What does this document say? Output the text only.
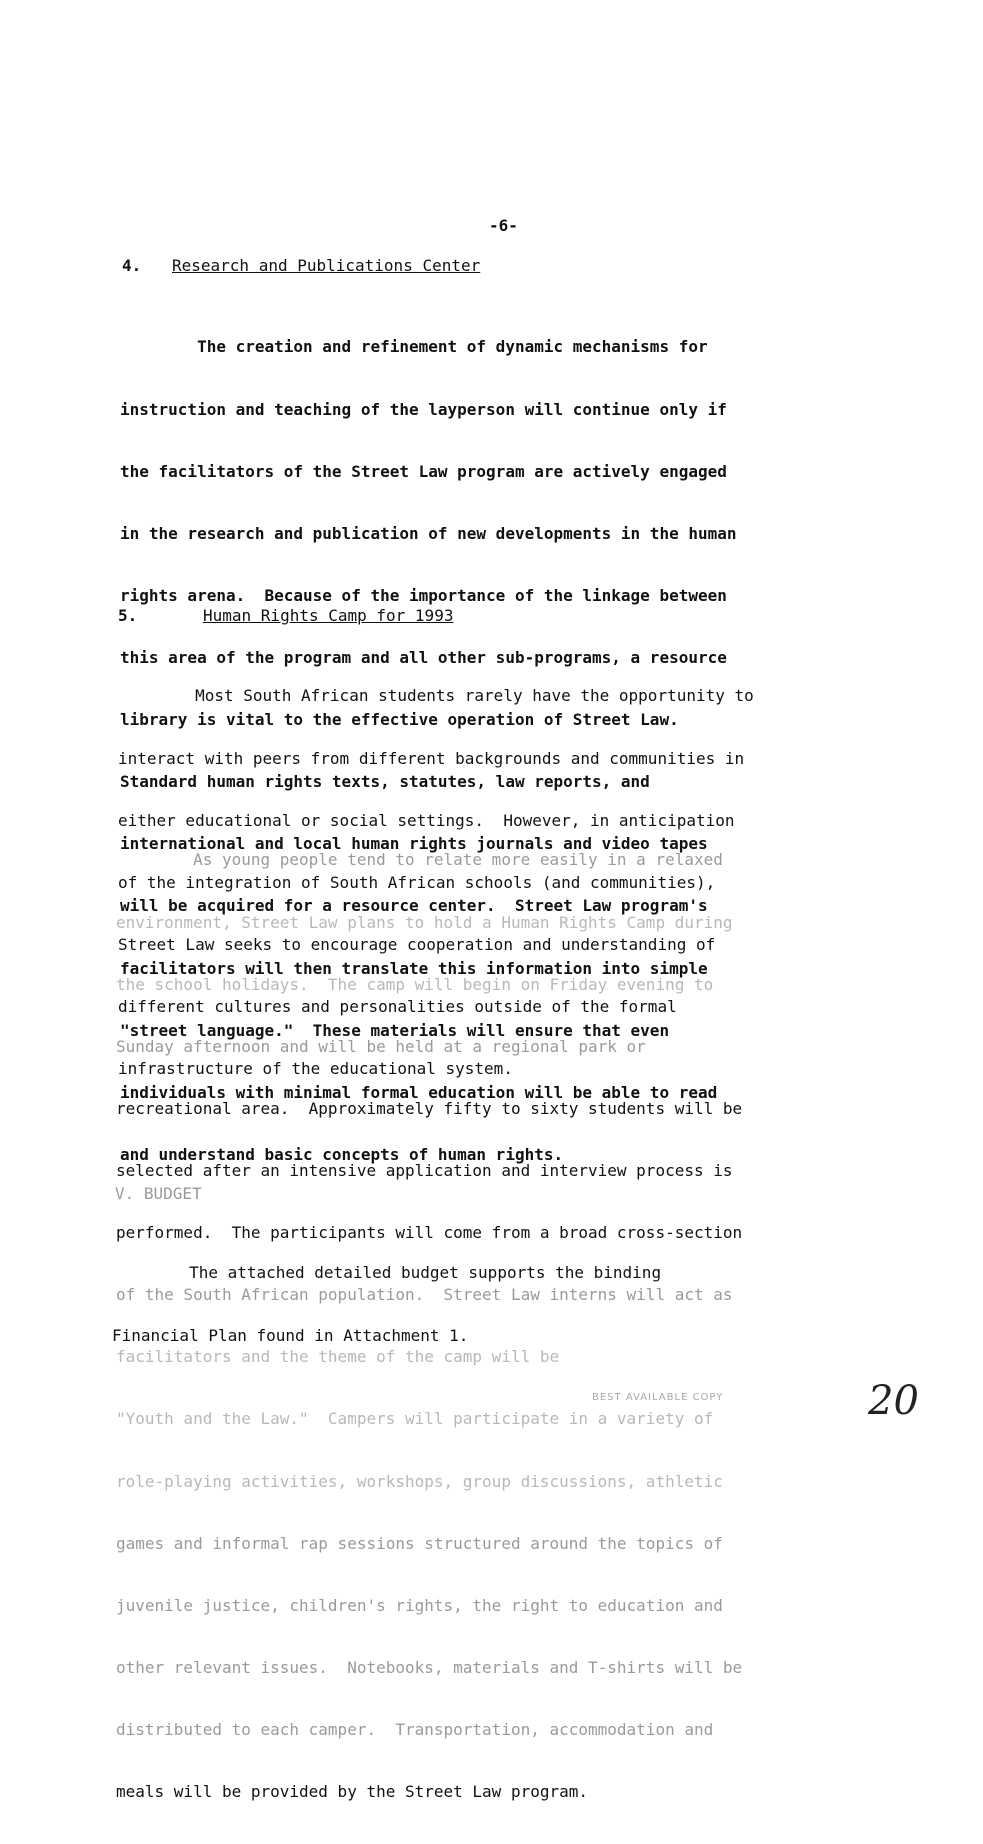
-6-
4. Research and Publications Center

The creation and refinement of dynamic mechanisms for

instruction and teaching of the layperson will continue only if

the facilitators of the Street Law program are actively engaged

in the research and publication of new developments in the human

rights arena.  Because of the importance of the linkage between

this area of the program and all other sub-programs, a resource

library is vital to the effective operation of Street Law.

Standard human rights texts, statutes, law reports, and

international and local human rights journals and video tapes

will be acquired for a resource center.  Street Law program's

facilitators will then translate this information into simple

"street language."  These materials will ensure that even

individuals with minimal formal education will be able to read

and understand basic concepts of human rights.

5.	Human Rights Camp for 1993

Most South African students rarely have the opportunity to

interact with peers from different backgrounds and communities in

either educational or social settings.  However, in anticipation

of the integration of South African schools (and communities),

Street Law seeks to encourage cooperation and understanding of

different cultures and personalities outside of the formal

infrastructure of the educational system.

As young people tend to relate more easily in a relaxed

environment, Street Law plans to hold a Human Rights Camp during

the school holidays.  The camp will begin on Friday evening to

Sunday afternoon and will be held at a regional park or

recreational area.  Approximately fifty to sixty students will be

selected after an intensive application and interview process is

performed.  The participants will come from a broad cross-section

of the South African population.  Street Law interns will act as

facilitators and the theme of the camp will be

"Youth and the Law."  Campers will participate in a variety of

role-playing activities, workshops, group discussions, athletic

games and informal rap sessions structured around the topics of

juvenile justice, children's rights, the right to education and

other relevant issues.  Notebooks, materials and T-shirts will be

distributed to each camper.  Transportation, accommodation and

meals will be provided by the Street Law program.

V. BUDGET

The attached detailed budget supports the binding

Financial Plan found in Attachment 1.

BEST AVAILABLE COPY	20
